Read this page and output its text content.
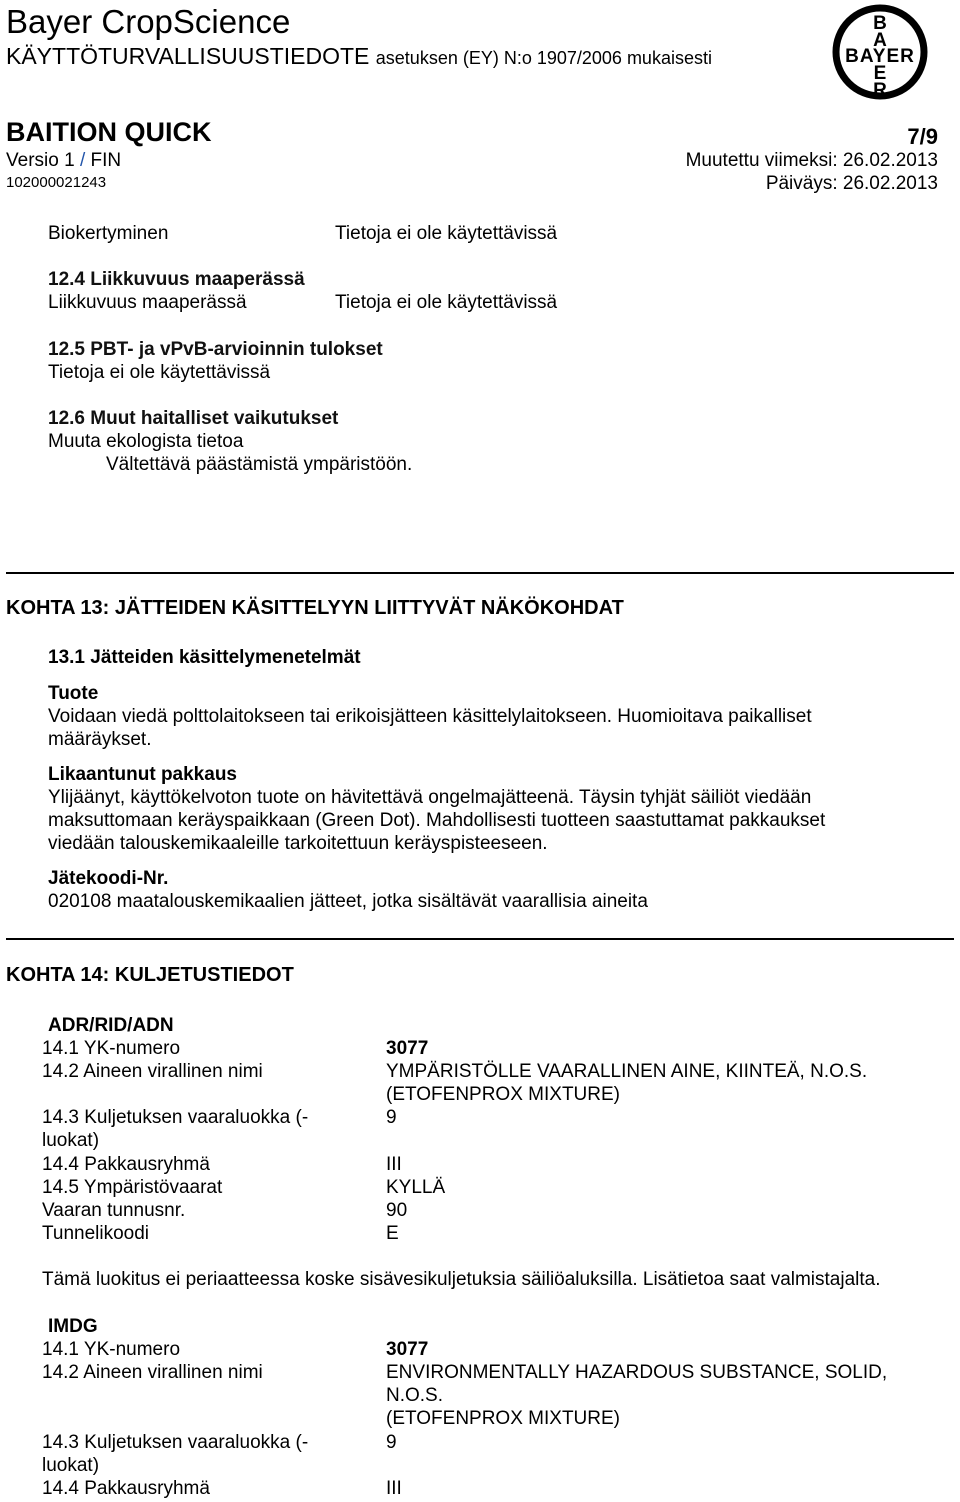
Bayer CropScience
KÄYTTÖTURVALLISUUSTIEDOTE asetuksen (EY) N:o 1907/2006 mukaisesti
B
A
BAYER
E
R
BAITION QUICK	7/9
Versio 1 / FIN
102000021243
Muutettu viimeksi: 26.02.2013
Päiväys: 26.02.2013
Biokertyminen	Tietoja ei ole käytettävissä
12.4 Liikkuvuus maaperässä
Liikkuvuus maaperässä	Tietoja ei ole käytettävissä
12.5 PBT- ja vPvB-arvioinnin tulokset
Tietoja ei ole käytettävissä
12.6 Muut haitalliset vaikutukset
Muuta ekologista tietoa
Vältettävä päästämistä ympäristöön.
KOHTA 13: JÄTTEIDEN KÄSITTELYYN LIITTYVÄT NÄKÖKOHDAT
13.1 Jätteiden käsittelymenetelmät
Tuote
Voidaan viedä polttolaitokseen tai erikoisjätteen käsittelylaitokseen. Huomioitava paikalliset
määräykset.
Likaantunut pakkaus
Ylijäänyt, käyttökelvoton tuote on hävitettävä ongelmajätteenä. Täysin tyhjät säiliöt viedään
maksuttomaan keräyspaikkaan (Green Dot). Mahdollisesti tuotteen saastuttamat pakkaukset
viedään talouskemikaaleille tarkoitettuun keräyspisteeseen.
Jätekoodi-Nr.
020108 maatalouskemikaalien jätteet, jotka sisältävät vaarallisia aineita
KOHTA 14: KULJETUSTIEDOT
ADR/RID/ADN
14.1 YK-numero	3077
14.2 Aineen virallinen nimi	YMPÄRISTÖLLE VAARALLINEN AINE, KIINTEÄ, N.O.S.
(ETOFENPROX MIXTURE)
14.3 Kuljetuksen vaaraluokka (-	9
luokat)
14.4 Pakkausryhmä	III
14.5 Ympäristövaarat	KYLLÄ
Vaaran tunnusnr.	90
Tunnelikoodi	E
Tämä luokitus ei periaatteessa koske sisävesikuljetuksia säiliöaluksilla. Lisätietoa saat valmistajalta.
IMDG
14.1 YK-numero	3077
14.2 Aineen virallinen nimi	ENVIRONMENTALLY HAZARDOUS SUBSTANCE, SOLID,
N.O.S.
(ETOFENPROX MIXTURE)
14.3 Kuljetuksen vaaraluokka (-	9
luokat)
14.4 Pakkausryhmä	III
